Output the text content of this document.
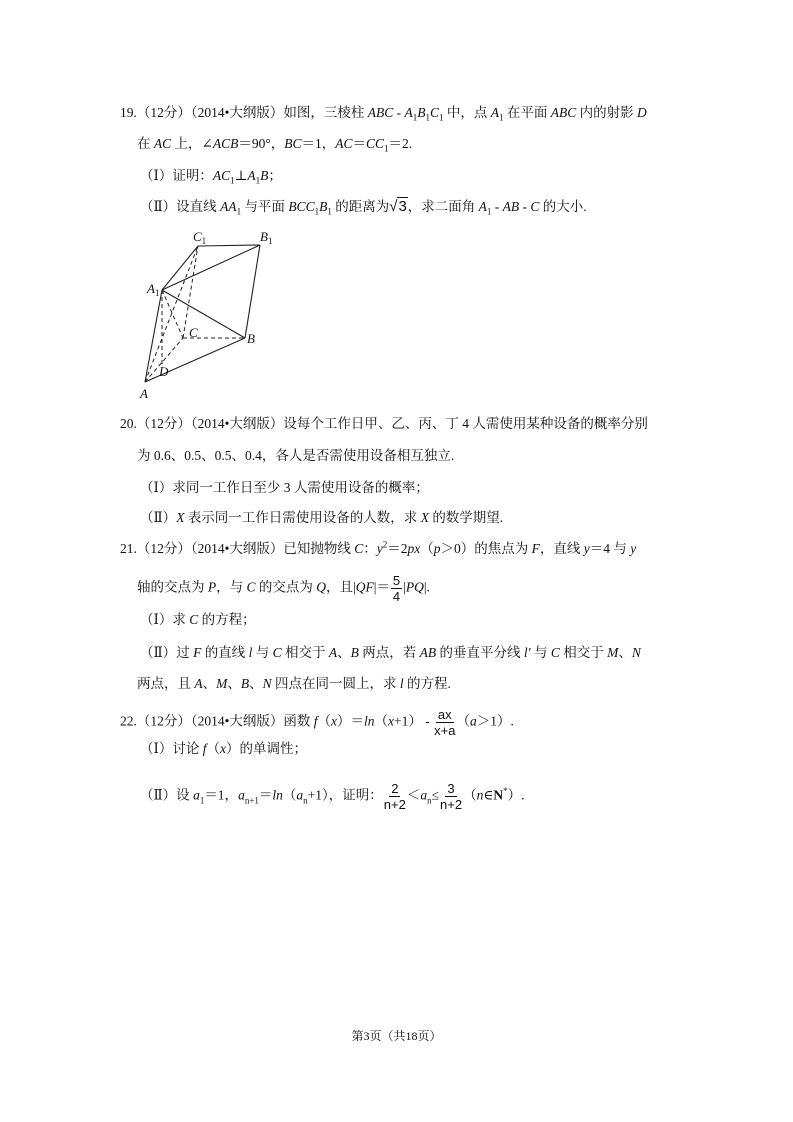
19.（12分）（2014•大纲版）如图，三棱柱 ABC - $A_1B_1C_1$ 中，点 $A_1$ 在平面 ABC 内的射影 D
在 AC 上，∠ACB＝90°，BC＝1，$AC=CC_1=2$.
（Ⅰ）证明：$AC_1\perp A_1B$；
（Ⅱ）设直线 $AA_1$ 与平面 $BCC_1B_1$ 的距离为√3，求二面角 $A_1$ - AB - C 的大小.
20.（12分）（2014•大纲版）设每个工作日甲、乙、丙、丁 4 人需使用某种设备的概率分别
为 0.6、0.5、0.5、0.4，各人是否需使用设备相互独立.
（Ⅰ）求同一工作日至少 3 人需使用设备的概率；
（Ⅱ）X 表示同一工作日需使用设备的人数，求 X 的数学期望.
21.（12分）（2014•大纲版）已知抛物线 C：$y^2=2px(p>0)$的焦点为 F，直线 y＝4 与 y
轴的交点为 P，与 C 的交点为 Q，且$|QF|= \frac{5}{4} |PQ|$.
（Ⅰ）求 C 的方程；
（Ⅱ）过 F 的直线 l 与 C 相交于 A、B 两点，若 AB 的垂直平分线 l′ 与 C 相交于 M、N
两点，且 A、M、B、N 四点在同一圆上，求 l 的方程.
22.（12分）（2014•大纲版）函数 $f(x)=\ln(x+1) - \frac{ax}{x+a} (a>1)$.
（Ⅰ）讨论 f（x）的单调性；
（Ⅱ）设 $a_1=1$，$a_{n+1}=\ln(a_n+1)$，证明： $\frac{2}{n+2} <a_n\le \frac{3}{n+2}$ （n∈N*）.
$C_1$	$B_1$
$A_1$
C	B
D
A
第3页（共18页）
